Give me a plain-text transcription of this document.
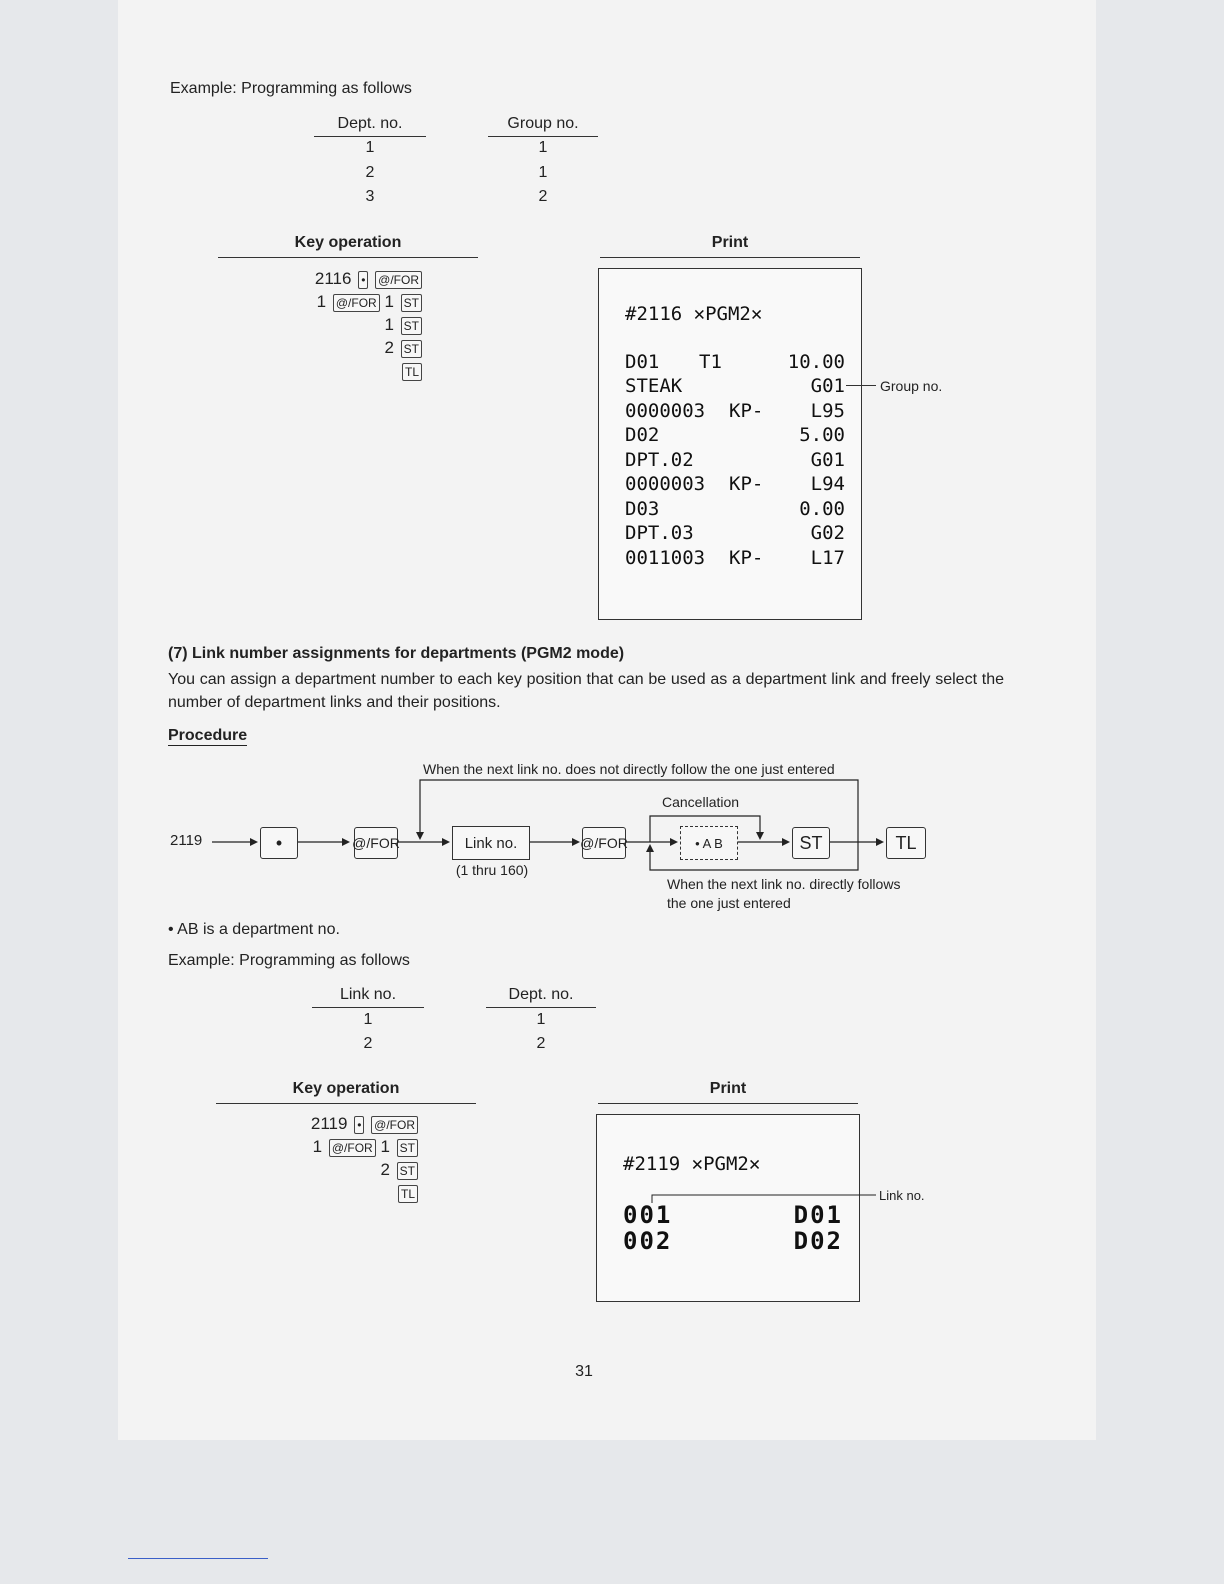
Example: Programming as follows
Dept. no.	Group no.
1	1
2	1
3	2
Key operation
2116 • @/FOR
1 @/FOR 1 ST
1 ST
2 ST
TL
Print
#2116 ✕PGM2✕
D01 T1	10.00
STEAK	G01
0000003 KP- L95
D02	5.00
DPT.02	G01
0000003 KP- L94
D03	0.00
DPT.03	G02
0011003 KP- L17
Group no.
(7) Link number assignments for departments (PGM2 mode)
You can assign a department number to each key position that can be used as a department link and freely select the number of department links and their positions.
Procedure
2119	•	@/FOR	Link no.
(1 thru 160)
@/FOR	• A B	ST	TL
When the next link no. does not directly follow the one just entered
Cancellation
When the next link no. directly follows
the one just entered
• AB is a department no.
Example: Programming as follows
Link no.	Dept. no.
1	1
2	2
Key operation
2119 • @/FOR
1 @/FOR 1 ST
2 ST
TL
Print
#2119 ✕PGM2✕
001	D01
002	D02
Link no.
31
